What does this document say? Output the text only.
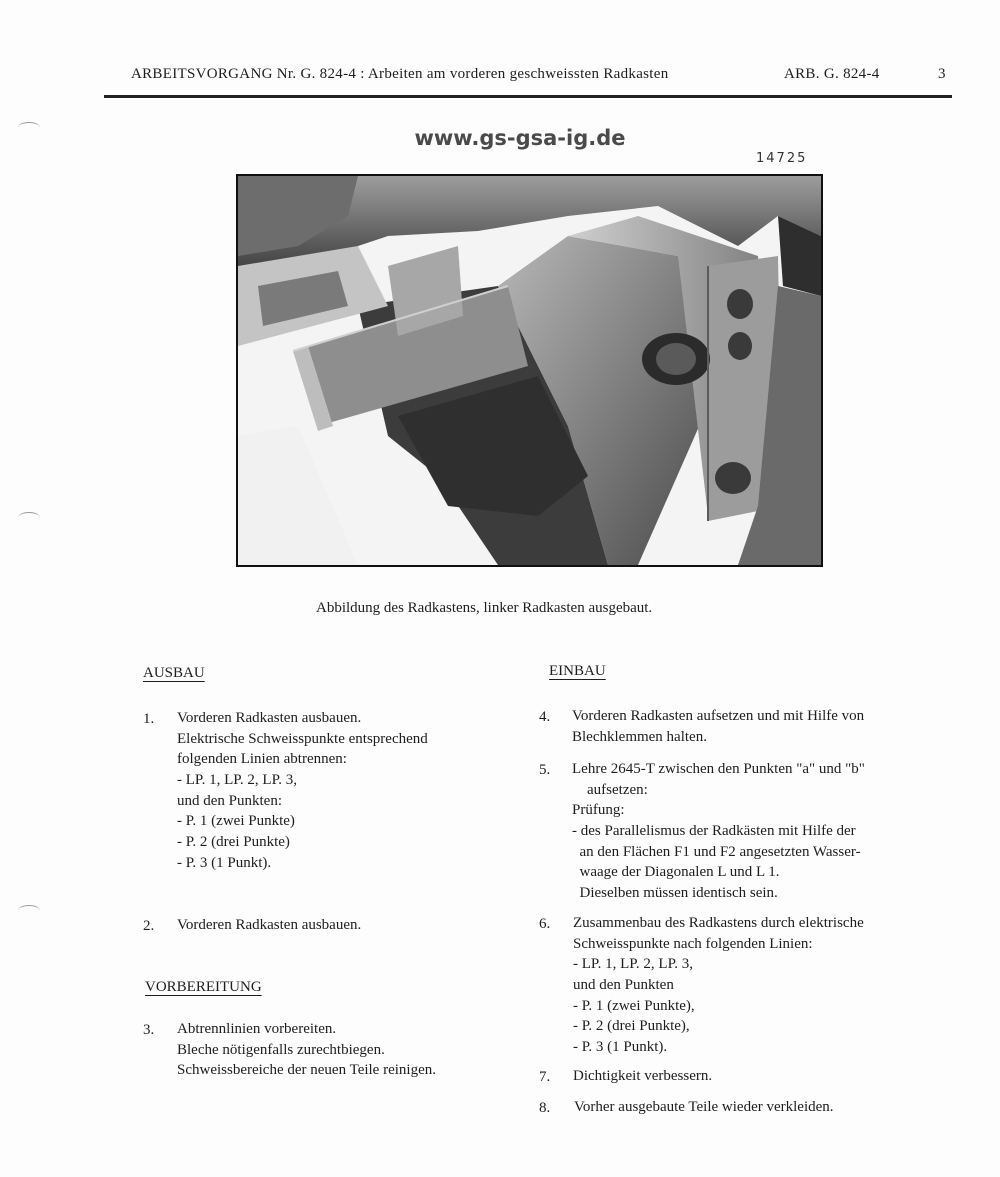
ARBEITSVORGANG Nr. G. 824-4 : Arbeiten am vorderen geschweissten Radkasten	ARB. G. 824-4	3
www.gs-gsa-ig.de
14725
Abbildung des Radkastens, linker Radkasten ausgebaut.
AUSBAU
1. Vorderen Radkasten ausbauen.
Elektrische Schweisspunkte entsprechend
folgenden Linien abtrennen:
- LP. 1, LP. 2, LP. 3,
und den Punkten:
- P. 1 (zwei Punkte)
- P. 2 (drei Punkte)
- P. 3 (1 Punkt).
2. Vorderen Radkasten ausbauen.
VORBEREITUNG
3. Abtrennlinien vorbereiten.
Bleche nötigenfalls zurechtbiegen.
Schweissbereiche der neuen Teile reinigen.
EINBAU
4. Vorderen Radkasten aufsetzen und mit Hilfe von
Blechklemmen halten.
5. Lehre 2645-T zwischen den Punkten "a" und "b"
aufsetzen:
Prüfung:
- des Parallelismus der Radkästen mit Hilfe der
an den Flächen F1 und F2 angesetzten Wasser-
waage der Diagonalen L und L 1.
Dieselben müssen identisch sein.
6. Zusammenbau des Radkastens durch elektrische
Schweisspunkte nach folgenden Linien:
- LP. 1, LP. 2, LP. 3,
und den Punkten
- P. 1 (zwei Punkte),
- P. 2 (drei Punkte),
- P. 3 (1 Punkt).
7. Dichtigkeit verbessern.
8. Vorher ausgebaute Teile wieder verkleiden.
